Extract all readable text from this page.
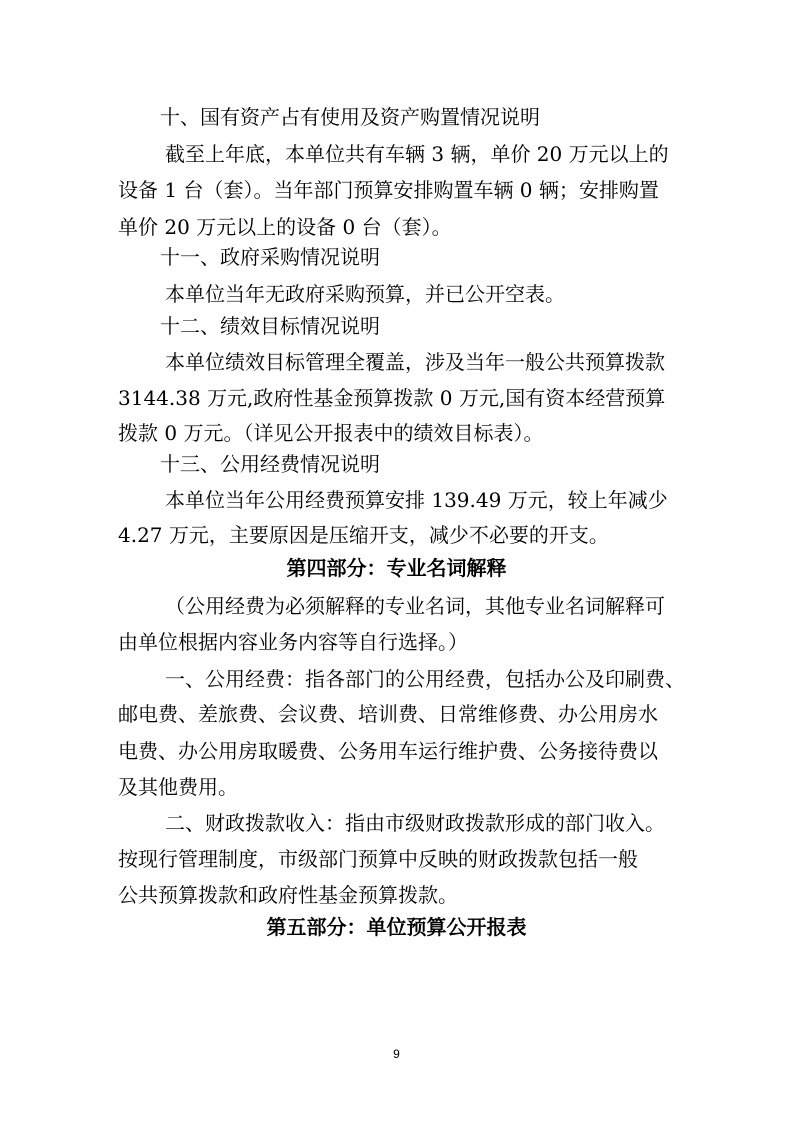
十、国有资产占有使用及资产购置情况说明
截至上年底，本单位共有车辆 3 辆，单价 20 万元以上的
设备 1 台（套）。当年部门预算安排购置车辆 0 辆；安排购置
单价 20 万元以上的设备 0 台（套）。
十一、政府采购情况说明
本单位当年无政府采购预算，并已公开空表。
十二、绩效目标情况说明
本单位绩效目标管理全覆盖，涉及当年一般公共预算拨款
3144.38 万元,政府性基金预算拨款 0 万元,国有资本经营预算
拨款 0 万元。（详见公开报表中的绩效目标表）。
十三、公用经费情况说明
本单位当年公用经费预算安排 139.49 万元，较上年减少
4.27 万元，主要原因是压缩开支，减少不必要的开支。
第四部分：专业名词解释
（公用经费为必须解释的专业名词，其他专业名词解释可
由单位根据内容业务内容等自行选择。）
一、公用经费：指各部门的公用经费，包括办公及印刷费、
邮电费、差旅费、会议费、培训费、日常维修费、办公用房水
电费、办公用房取暖费、公务用车运行维护费、公务接待费以
及其他费用。
二、财政拨款收入：指由市级财政拨款形成的部门收入。
按现行管理制度，市级部门预算中反映的财政拨款包括一般
公共预算拨款和政府性基金预算拨款。
第五部分：单位预算公开报表
9
